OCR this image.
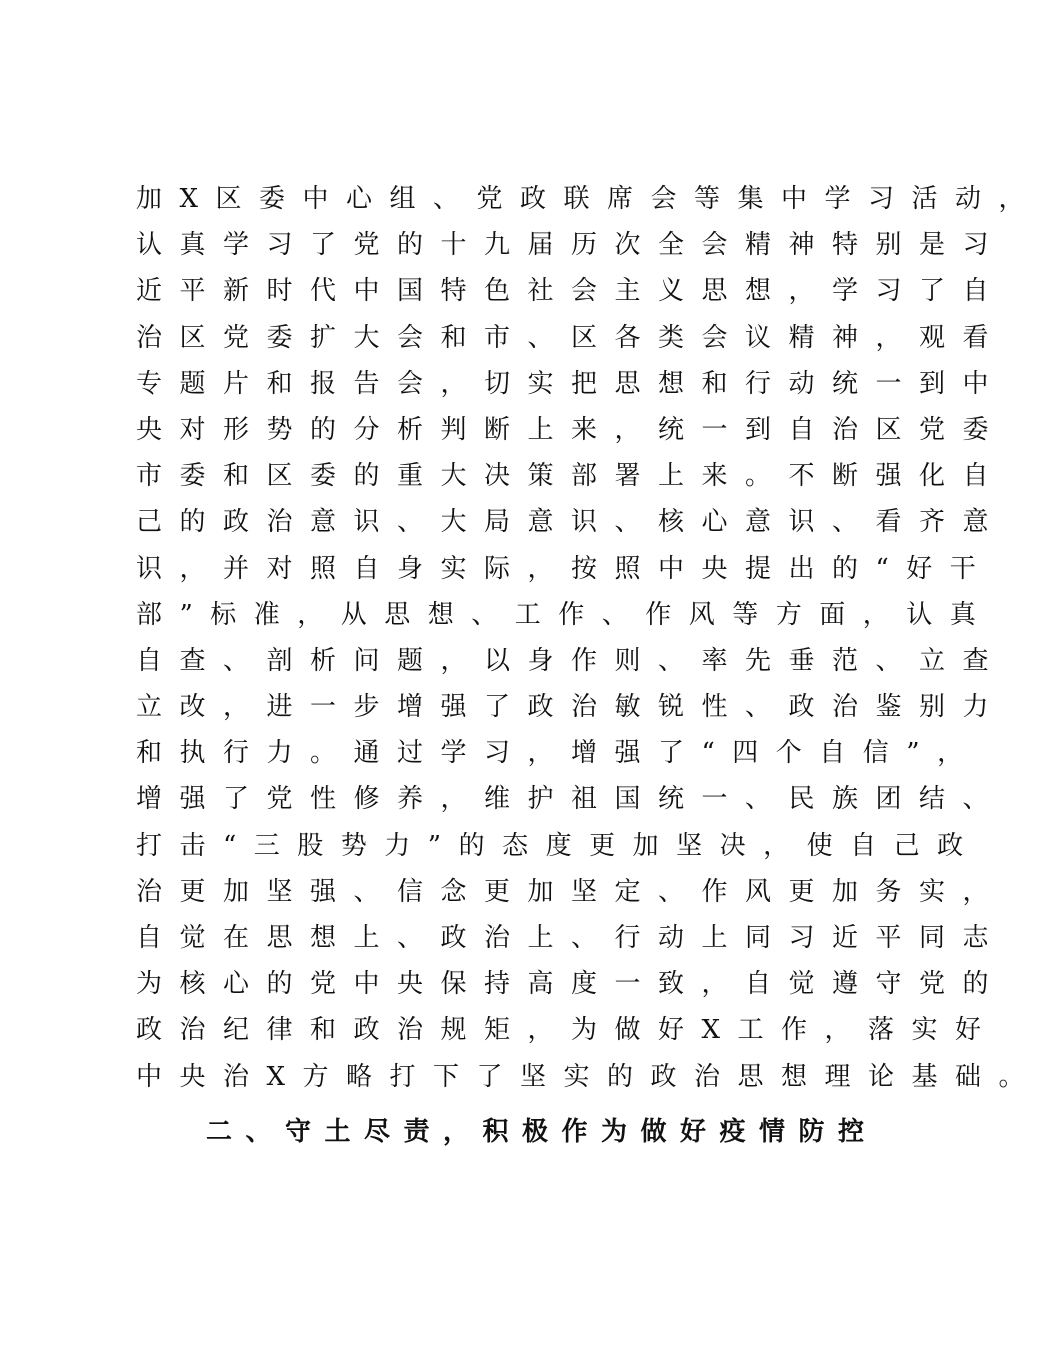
加X区委中心组、党政联席会等集中学习活动，
认真学习了党的十九届历次全会精神特别是习
近平新时代中国特色社会主义思想，学习了自
治区党委扩大会和市、区各类会议精神，观看
专题片和报告会，切实把思想和行动统一到中
央对形势的分析判断上来，统一到自治区党委
市委和区委的重大决策部署上来。不断强化自
己的政治意识、大局意识、核心意识、看齐意
识，并对照自身实际，按照中央提出的“好干
部”标准，从思想、工作、作风等方面，认真
自查、剖析问题，以身作则、率先垂范、立查
立改，进一步增强了政治敏锐性、政治鉴别力
和执行力。通过学习，增强了“四个自信”，
增强了党性修养，维护祖国统一、民族团结、
打击“三股势力”的态度更加坚决，使自己政
治更加坚强、信念更加坚定、作风更加务实，
自觉在思想上、政治上、行动上同习近平同志
为核心的党中央保持高度一致，自觉遵守党的
政治纪律和政治规矩，为做好X工作，落实好
中央治X方略打下了坚实的政治思想理论基础。
二、守土尽责，积极作为做好疫情防控
